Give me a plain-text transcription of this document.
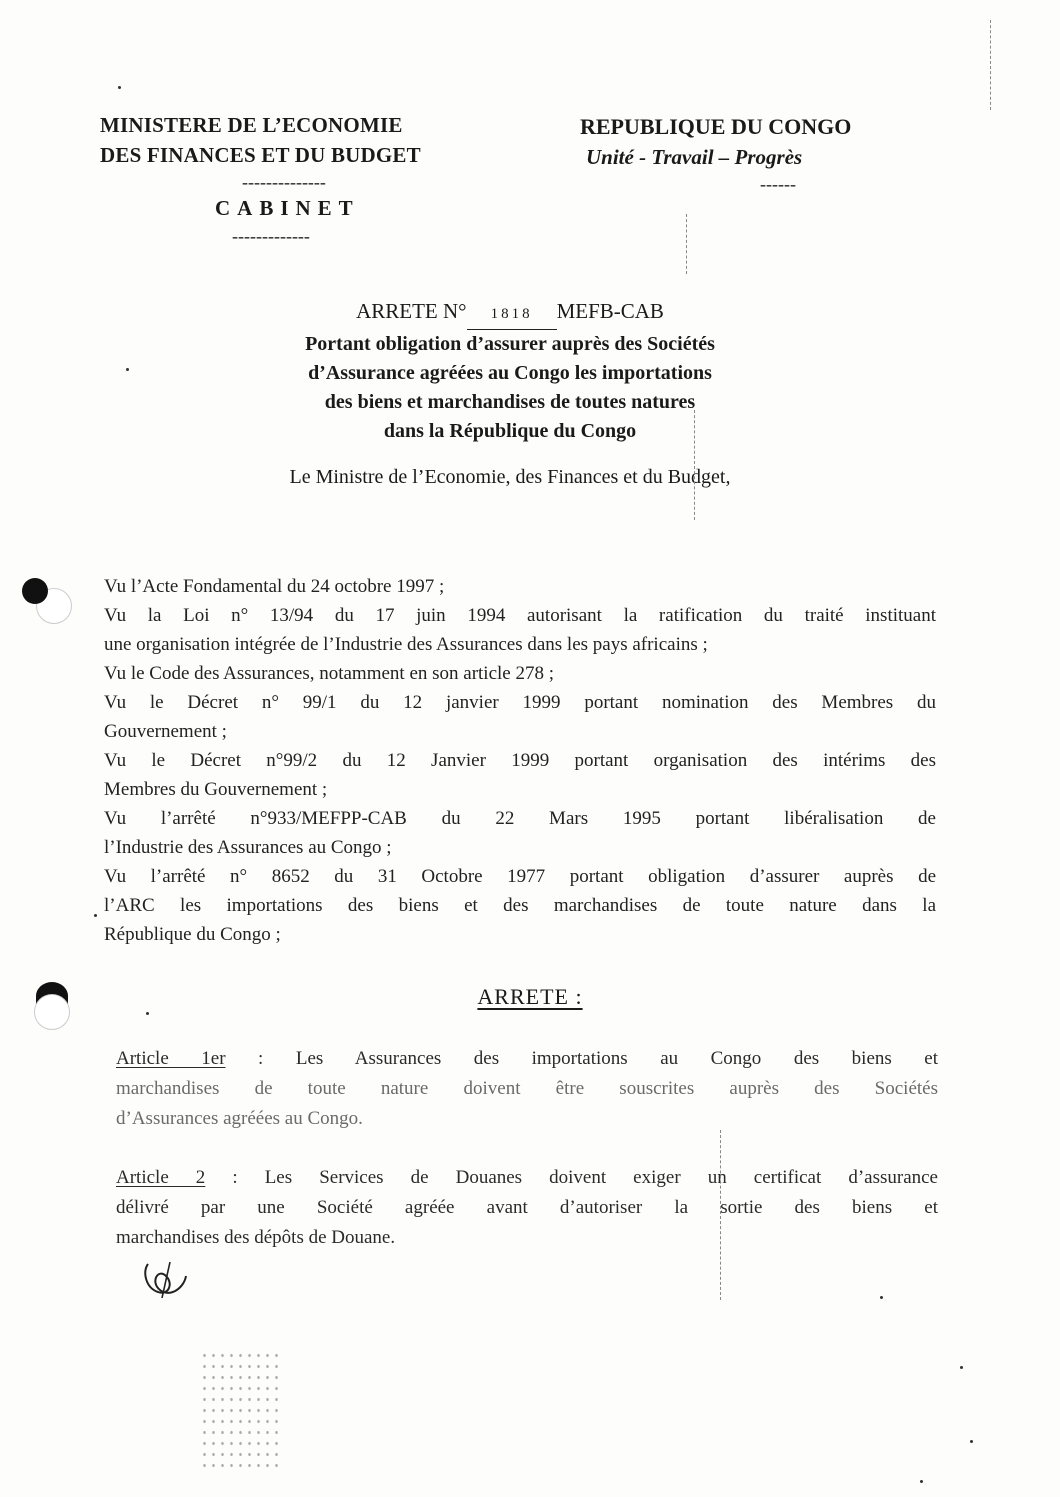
MINISTERE DE L’ECONOMIE
DES FINANCES ET DU BUDGET
--------------
CABINET
-------------
REPUBLIQUE DU CONGO
Unité - Travail – Progrès
------
ARRETE N° 1818 MEFB-CAB
Portant obligation d’assurer auprès des Sociétés
d’Assurance agréées au Congo les importations
des biens et marchandises de toutes natures
dans la République du Congo
Le Ministre de l’Economie, des Finances et du Budget,
Vu l’Acte Fondamental du 24 octobre 1997 ;
Vu la Loi n° 13/94 du 17 juin 1994 autorisant la ratification du traité instituant
une organisation intégrée de l’Industrie des Assurances dans les pays africains ;
Vu le Code des Assurances, notamment en son article 278 ;
Vu le Décret n° 99/1 du 12 janvier 1999 portant nomination des Membres du
Gouvernement ;
Vu le Décret n°99/2 du 12 Janvier 1999 portant organisation des intérims des
Membres du Gouvernement ;
Vu l’arrêté n°933/MEFPP-CAB du 22 Mars 1995 portant libéralisation de
l’Industrie des Assurances au Congo ;
Vu l’arrêté n° 8652 du 31 Octobre 1977 portant obligation d’assurer auprès de
l’ARC les importations des biens et des marchandises de toute nature dans la
République du Congo ;
ARRETE :
Article 1er : Les Assurances des importations au Congo des biens et
marchandises de toute nature doivent être souscrites auprès des Sociétés
d’Assurances agréées au Congo.
Article 2 : Les Services de Douanes doivent exiger un certificat d’assurance
délivré par une Société agréée avant d’autoriser la sortie des biens et
marchandises des dépôts de Douane.
